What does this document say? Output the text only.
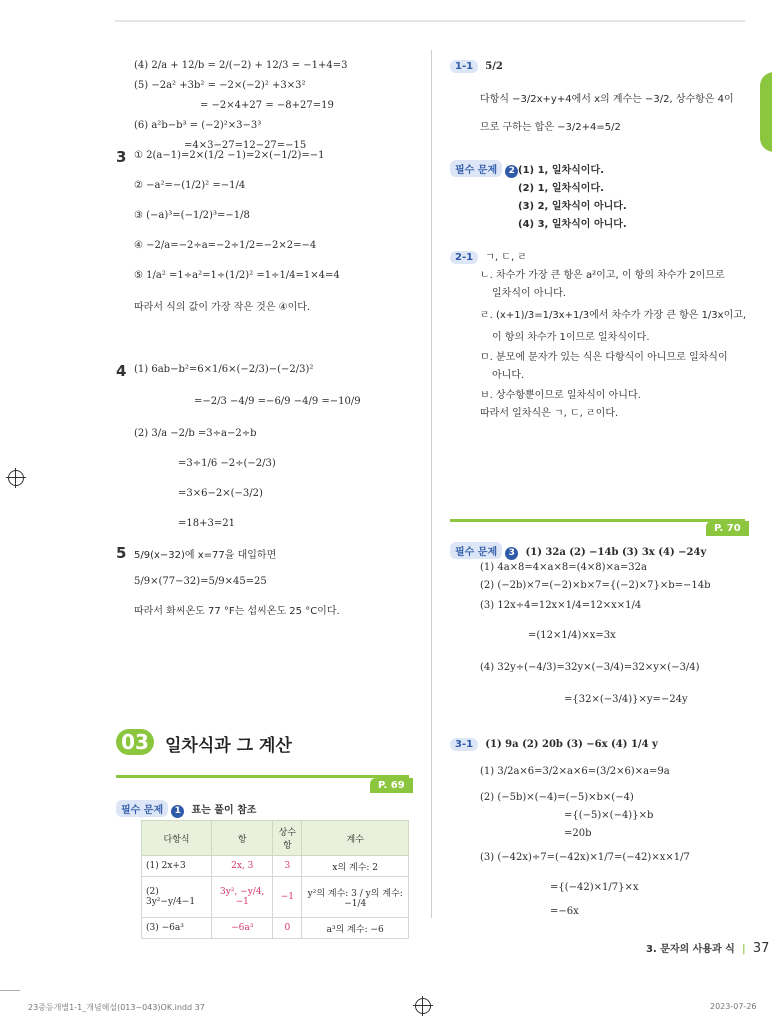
(4) 2/a + 12/b = 2/(−2) + 12/3 = −1+4=3
(5) −2a² +3b² = −2×(−2)² +3×3²
= −2×4+27 = −8+27=19
(6) a²b−b³ = (−2)²×3−3³
=4×3−27=12−27=−15
3 ① 2(a−1)=2×(1/2 −1)=2×(−1/2)=−1
② −a²=−(1/2)² =−1/4
③ (−a)³=(−1/2)³=−1/8
④ −2/a=−2÷a=−2÷1/2=−2×2=−4
⑤ 1/a² =1÷a²=1÷(1/2)² =1÷1/4=1×4=4
따라서 식의 값이 가장 작은 것은 ④이다.
4 (1) 6ab−b²=6×1/6×(−2/3)−(−2/3)²
=−2/3 −4/9 =−6/9 −4/9 =−10/9
(2) 3/a −2/b =3÷a−2÷b
=3÷1/6 −2÷(−2/3)
=3×6−2×(−3/2)
=18+3=21
5 5/9(x−32)에 x=77을 대입하면
5/9×(77−32)=5/9×45=25
따라서 화씨온도 77 °F는 섭씨온도 25 °C이다.
03 일차식과 그 계산
P. 69
필수 문제 1 표는 풀이 참조
다항식	항	상수항	계수
(1) 2x+3	2x, 3	3	x의 계수: 2
(2) 3y²−y/4−1	3y², −y/4, −1	−1	y²의 계수: 3 / y의 계수: −1/4
(3) −6a³	−6a³	0	a³의 계수: −6
1-1 5/2
다항식 −3/2x+y+4에서 x의 계수는 −3/2, 상수항은 4이
므로 구하는 합은 −3/2+4=5/2
필수 문제 2 (1) 1, 일차식이다.
(2) 1, 일차식이다.
(3) 2, 일차식이 아니다.
(4) 3, 일차식이 아니다.
2-1 ㄱ, ㄷ, ㄹ
ㄴ. 차수가 가장 큰 항은 a²이고, 이 항의 차수가 2이므로
일차식이 아니다.
ㄹ. (x+1)/3=1/3x+1/3에서 차수가 가장 큰 항은 1/3x이고,
이 항의 차수가 1이므로 일차식이다.
ㅁ. 분모에 문자가 있는 식은 다항식이 아니므로 일차식이
아니다.
ㅂ. 상수항뿐이므로 일차식이 아니다.
따라서 일차식은 ㄱ, ㄷ, ㄹ이다.
P. 70
필수 문제 3 (1) 32a (2) −14b (3) 3x (4) −24y
(1) 4a×8=4×a×8=(4×8)×a=32a
(2) (−2b)×7=(−2)×b×7={(−2)×7}×b=−14b
(3) 12x÷4=12x×1/4=12×x×1/4
=(12×1/4)×x=3x
(4) 32y÷(−4/3)=32y×(−3/4)=32×y×(−3/4)
={32×(−3/4)}×y=−24y
3-1 (1) 9a (2) 20b (3) −6x (4) 1/4 y
(1) 3/2a×6=3/2×a×6=(3/2×6)×a=9a
(2) (−5b)×(−4)=(−5)×b×(−4)
={(−5)×(−4)}×b
=20b
(3) (−42x)÷7=(−42x)×1/7=(−42)×x×1/7
={(−42)×1/7}×x
=−6x
3. 문자의 사용과 식 | 37
23중등개별1-1_개념해설(013~043)OK.indd 37	2023-07-26
